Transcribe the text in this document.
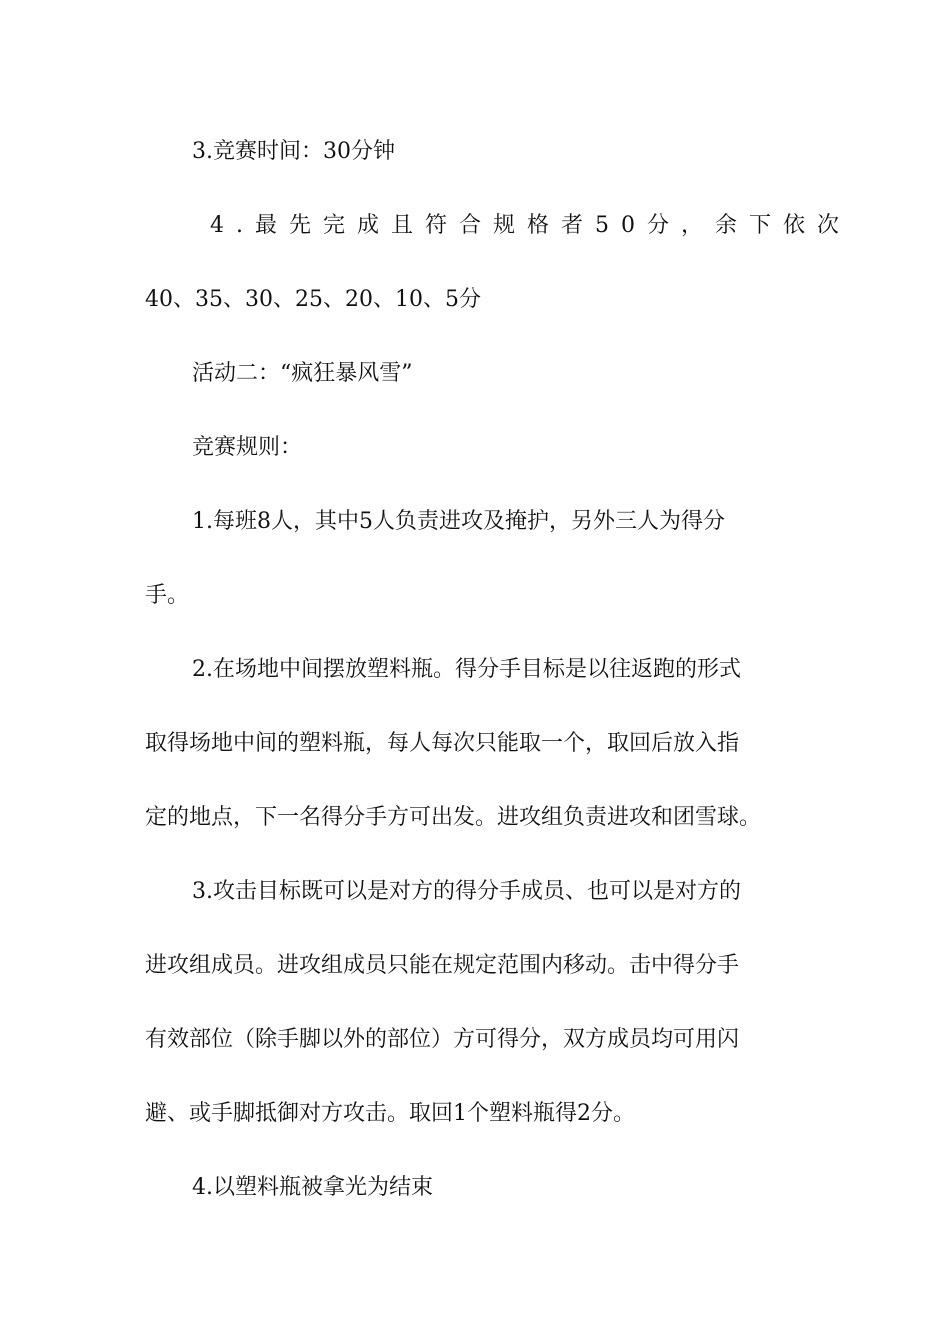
3.竞赛时间：30分钟
4.最先完成且符合规格者50分，余下依次
40、35、30、25、20、10、5分
活动二：“疯狂暴风雪”
竞赛规则：
1.每班8人，其中5人负责进攻及掩护，另外三人为得分
手。
2.在场地中间摆放塑料瓶。得分手目标是以往返跑的形式
取得场地中间的塑料瓶，每人每次只能取一个，取回后放入指
定的地点，下一名得分手方可出发。进攻组负责进攻和团雪球。
3.攻击目标既可以是对方的得分手成员、也可以是对方的
进攻组成员。进攻组成员只能在规定范围内移动。击中得分手
有效部位（除手脚以外的部位）方可得分，双方成员均可用闪
避、或手脚抵御对方攻击。取回1个塑料瓶得2分。
4.以塑料瓶被拿光为结束
